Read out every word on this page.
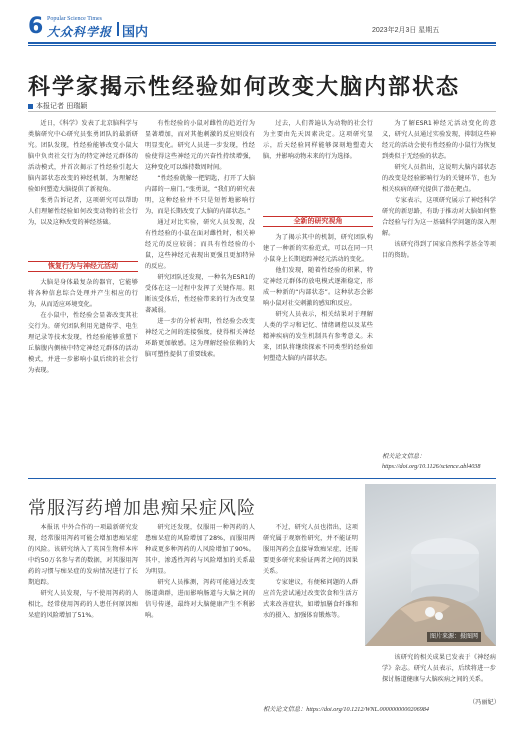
6 Popular Science Times
大众科学报 国内	2023年2月3日 星期五
科学家揭示性经验如何改变大脑内部状态
本报记者 田瑞颖

近日，《科学》发表了北京脑科学与类脑研究中心研究员张勇团队的最新研究。团队发现，性经验能够改变小鼠大脑中负责社交行为的特定神经元群体的活动模式，并首次揭示了性经验引起大脑内部状态改变的神经机制，为理解经验如何塑造大脑提供了新视角。

张勇告诉记者，这项研究可以帮助人们理解性经验如何改变动物的社会行为，以及这种改变的神经基础。

恢复行为与神经元活动

大脑是身体最复杂的器官，它能够将各种信息综合处理并产生相应的行为，从而适应环境变化。

在小鼠中，性经验会显著改变其社交行为。研究团队利用光遗传学、电生理记录等技术发现，性经验能够重塑下丘脑腹内侧核中特定神经元群体的活动模式，并进一步影响小鼠后续的社会行为表现。

有性经验的小鼠对雌性的趋近行为显著增加，而对其他刺激的反应则没有明显变化。研究人员进一步发现，性经验使得这些神经元的兴奋性持续增强，这种变化可以维持数周时间。

“性经验就像一把钥匙，打开了大脑内部的一扇门。”张勇说，“我们的研究表明，这种经验并不只是短暂地影响行为，而是长期改变了大脑的内部状态。”

通过对比实验，研究人员发现，没有性经验的小鼠在面对雌性时，相关神经元的反应较弱；而具有性经验的小鼠，这些神经元表现出更强且更加特异的反应。

研究团队还发现，一种名为ESR1的受体在这一过程中发挥了关键作用。阻断该受体后，性经验带来的行为改变显著减弱。

进一步的分析表明，性经验会改变神经元之间的连接强度，使得相关神经环路更加敏感。这为理解经验依赖的大脑可塑性提供了重要线索。

过去，人们普遍认为动物的社会行为主要由先天因素决定。这项研究显示，后天经验同样能够深刻地塑造大脑，并影响动物未来的行为选择。

全新的研究视角

为了揭示其中的机制，研究团队构建了一种新的实验范式，可以在同一只小鼠身上长期追踪神经元活动的变化。

他们发现，随着性经验的积累，特定神经元群体的放电模式逐渐稳定，形成一种新的“内部状态”。这种状态会影响小鼠对社交刺激的感知和反应。

研究人员表示，相关结果对于理解人类的学习和记忆、情绪调控以及某些精神疾病的发生机制具有参考意义。未来，团队将继续探索不同类型的经验如何塑造大脑的内部状态。

为了解ESR1神经元活动变化的意义，研究人员通过实验发现，抑制这些神经元的活动会使有性经验的小鼠行为恢复到类似于无经验的状态。

研究人员指出，这说明大脑内部状态的改变是经验影响行为的关键环节，也为相关疾病的研究提供了潜在靶点。

专家表示，这项研究展示了神经科学研究的新思路，有助于推动对大脑如何整合经验与行为这一基础科学问题的深入理解。

该研究得到了国家自然科学基金等项目的资助。

相关论文信息：https://doi.org/10.1126/science.abl4038
常服泻药增加患痴呆症风险

本报讯 中外合作的一项最新研究发现，经常服用泻药可能会增加患痴呆症的风险。该研究纳入了英国生物样本库中约50万名参与者的数据，对其服用泻药的习惯与痴呆症的发病情况进行了长期追踪。

研究人员发现，与不使用泻药的人相比，经常使用泻药的人患任何原因痴呆症的风险增加了51%。

研究还发现，仅服用一种泻药的人患痴呆症的风险增加了28%，而服用两种或更多种泻药的人风险增加了90%。其中，渗透性泻药与风险增加的关系最为明显。

研究人员推测，泻药可能通过改变肠道菌群，进而影响肠道与大脑之间的信号传递，最终对大脑健康产生不利影响。

不过，研究人员也指出，这项研究属于观察性研究，并不能证明服用泻药会直接导致痴呆症，还需要更多研究来验证两者之间的因果关系。

专家建议，有便秘问题的人群应首先尝试通过改变饮食和生活方式来改善症状，如增加膳食纤维和水的摄入、加强体育锻炼等。

图片来源：摄图网

该研究的相关成果已发表于《神经病学》杂志。研究人员表示，后续将进一步探讨肠道健康与大脑疾病之间的关系。

相关论文信息：https://doi.org/10.1212/WNL.0000000000206984
（冯丽妃）
